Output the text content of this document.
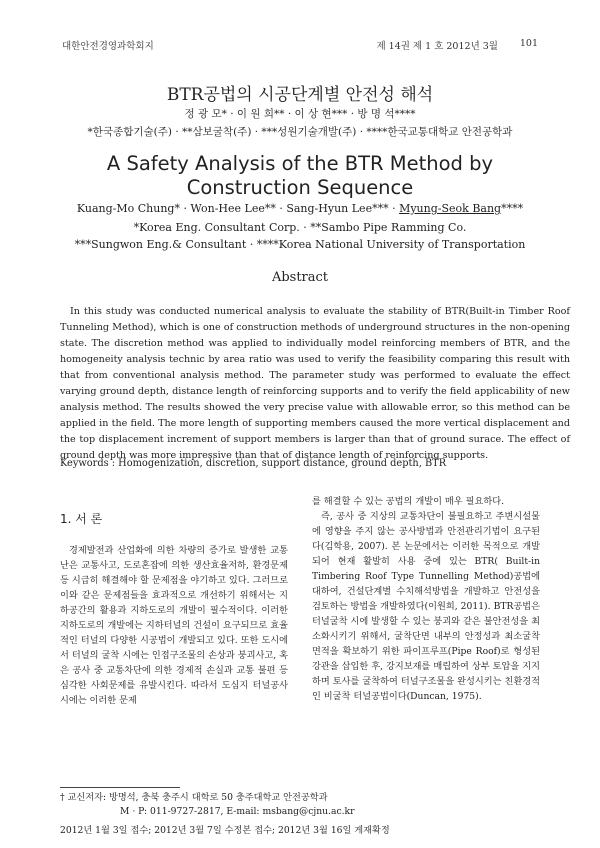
대한안전경영과학회지	제 14권 제 1 호 2012년 3월 101
BTR공법의 시공단계별 안전성 해석
정 광 모* · 이 원 희** · 이 상 현*** · 방 명 석****
*한국종합기술(주) · **삼보굴착(주) · ***성원기술개발(주) · ****한국교통대학교 안전공학과
A Safety Analysis of the BTR Method by Construction Sequence
Kuang-Mo Chung* · Won-Hee Lee** · Sang-Hyun Lee*** · Myung-Seok Bang****
*Korea Eng. Consultant Corp. · **Sambo Pipe Ramming Co.
***Sungwon Eng.& Consultant · ****Korea National University of Transportation
Abstract

In this study was conducted numerical analysis to evaluate the stability of BTR(Built-in Timber Roof Tunneling Method), which is one of construction methods of underground structures in the non-opening state. The discretion method was applied to individually model reinforcing members of BTR, and the homogeneity analysis technic by area ratio was used to verify the feasibility comparing this result with that from conventional analysis method. The parameter study was performed to evaluate the effect varying ground depth, distance length of reinforcing supports and to verify the field applicability of new analysis method. The results showed the very precise value with allowable error, so this method can be applied in the field. The more length of supporting members caused the more vertical displacement and the top displacement increment of support members is larger than that of ground surace. The effect of ground depth was more impressive than that of distance length of reinforcing supports.

Keywords : Homogenization, discretion, support distance, ground depth, BTR
1. 서 론

경제발전과 산업화에 의한 차량의 증가로 발생한 교통난은 교통사고, 도로혼잡에 의한 생산효율저하, 환경문제 등 시급히 해결해야 할 문제점을 야기하고 있다. 그러므로 이와 같은 문제점들을 효과적으로 개선하기 위해서는 지하공간의 활용과 지하도로의 개발이 필수적이다. 이러한 지하도로의 개발에는 지하터널의 건설이 요구되므로 효율적인 터널의 다양한 시공법이 개발되고 있다. 또한 도시에서 터널의 굴착 시에는 인접구조물의 손상과 붕괴사고, 혹은 공사 중 교통차단에 의한 경제적 손실과 교통 불편 등 심각한 사회문제를 유발시킨다. 따라서 도심지 터널공사 시에는 이러한 문제

를 해결할 수 있는 공법의 개발이 매우 필요하다.

즉, 공사 중 지상의 교통차단이 불필요하고 주변시설물에 영향을 주지 않는 공사방법과 안전관리기법이 요구된다(김학용, 2007). 본 논문에서는 이러한 목적으로 개발되어 현재 활발히 사용 중에 있는 BTR( Built-in Timbering Roof Type Tunnelling Method)공법에 대하여, 건설단계별 수치해석방법을 개발하고 안전성을 검토하는 방법을 개발하였다(이원희, 2011). BTR공법은 터널굴착 시에 발생할 수 있는 붕괴와 같은 불안전성을 최소화시키기 위해서, 굴착단면 내부의 안정성과 최소굴착면적을 확보하기 위한 파이프루프(Pipe Roof)로 형성된 강관을 삽입한 후, 강지보재를 매립하여 상부 토압을 지지하며 토사를 굴착하여 터널구조물을 완성시키는 친환경적인 비굴착 터널공법이다(Duncan, 1975).

† 교신저자: 방명석, 충북 충주시 대학로 50 충주대학교 안전공학과
M · P: 011-9727-2817, E-mail: msbang@cjnu.ac.kr
2012년 1월 3일 접수; 2012년 3월 7일 수정본 접수; 2012년 3월 16일 게재확정
